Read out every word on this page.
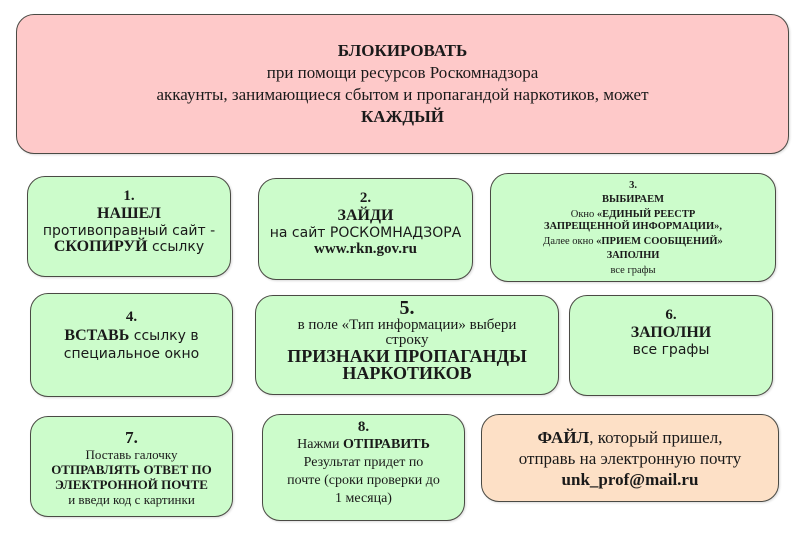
БЛОКИРОВАТЬ
при помощи ресурсов Роскомнадзора
аккаунты, занимающиеся сбытом и пропагандой наркотиков, может
КАЖДЫЙ
1.
НАШЕЛ
противоправный сайт -
СКОПИРУЙ ссылку
2.
ЗАЙДИ
на сайт РОСКОМНАДЗОРА
www.rkn.gov.ru
3.
ВЫБИРАЕМ
Окно «ЕДИНЫЙ РЕЕСТР
ЗАПРЕЩЕННОЙ ИНФОРМАЦИИ»,
Далее окно «ПРИЕМ СООБЩЕНИЙ»
ЗАПОЛНИ
все графы
4.
ВСТАВЬ ссылку в
специальное окно
5.
в поле «Тип информации» выбери
строку
ПРИЗНАКИ ПРОПАГАНДЫ
НАРКОТИКОВ
6.
ЗАПОЛНИ
все графы
7.
Поставь галочку
ОТПРАВЛЯТЬ ОТВЕТ ПО
ЭЛЕКТРОННОЙ ПОЧТЕ
и введи код с картинки
8.
Нажми ОТПРАВИТЬ
Результат придет по
почте (сроки проверки до
1 месяца)
ФАЙЛ, который пришел,
отправь на электронную почту
unk_prof@mail.ru
